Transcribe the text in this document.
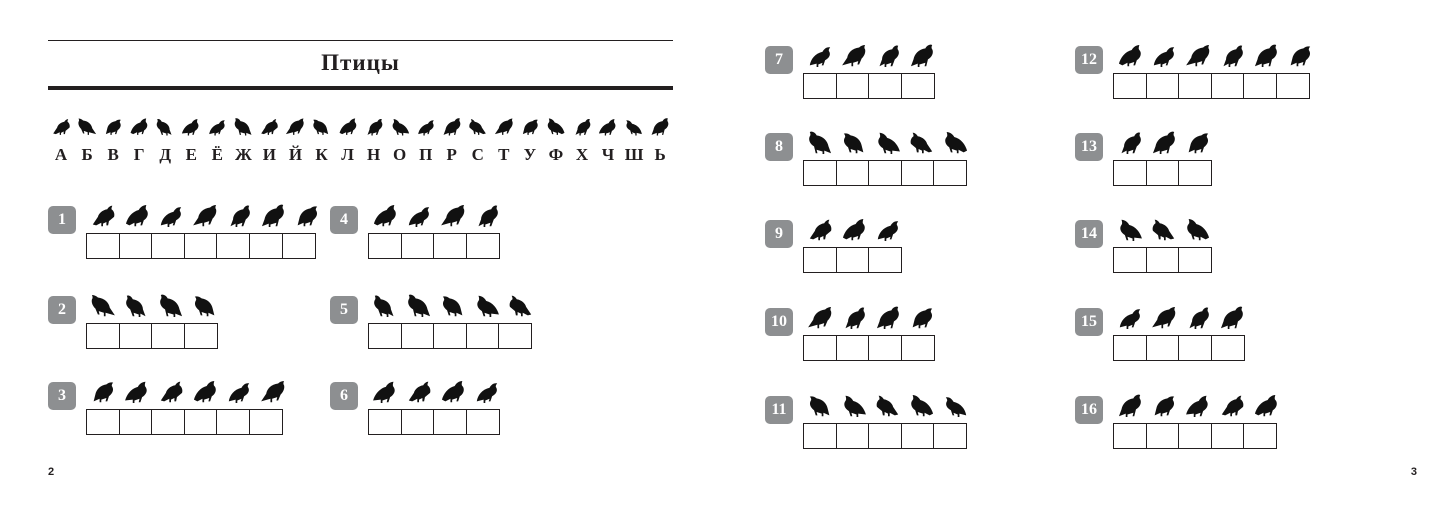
Птицы
А Б В Г Д Е Ё Ж И Й К Л Н О П Р С Т У Ф Х Ч Ш Ь
1
2
3
4
5
6
2
7
8
9
10
11
12
13
14
15
16
3
